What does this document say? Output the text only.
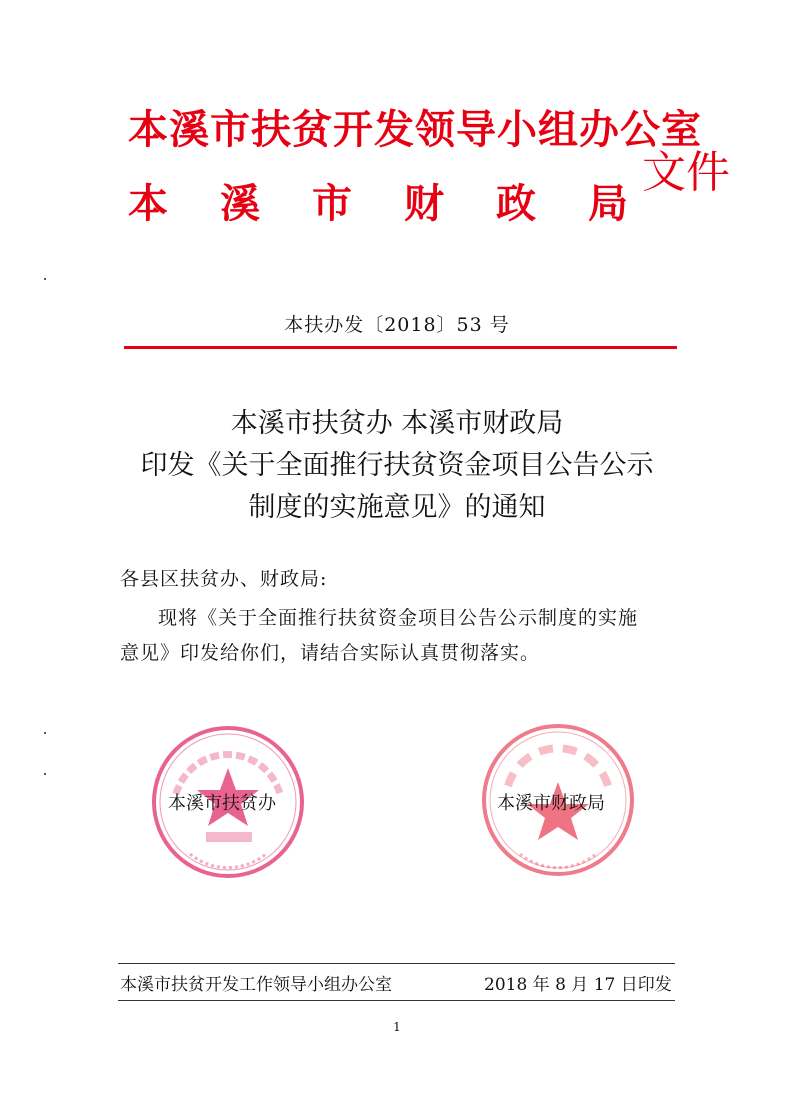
本溪市扶贫开发领导小组办公室
本 溪 市 财 政 局
文件
本扶办发〔2018〕53 号
本溪市扶贫办 本溪市财政局
印发《关于全面推行扶贫资金项目公告公示
制度的实施意见》的通知
各县区扶贫办、财政局:
现将《关于全面推行扶贫资金项目公告公示制度的实施
意见》印发给你们，请结合实际认真贯彻落实。
本溪市扶贫办	本溪市财政局
本溪市扶贫开发工作领导小组办公室	2018 年 8 月 17 日印发
1
